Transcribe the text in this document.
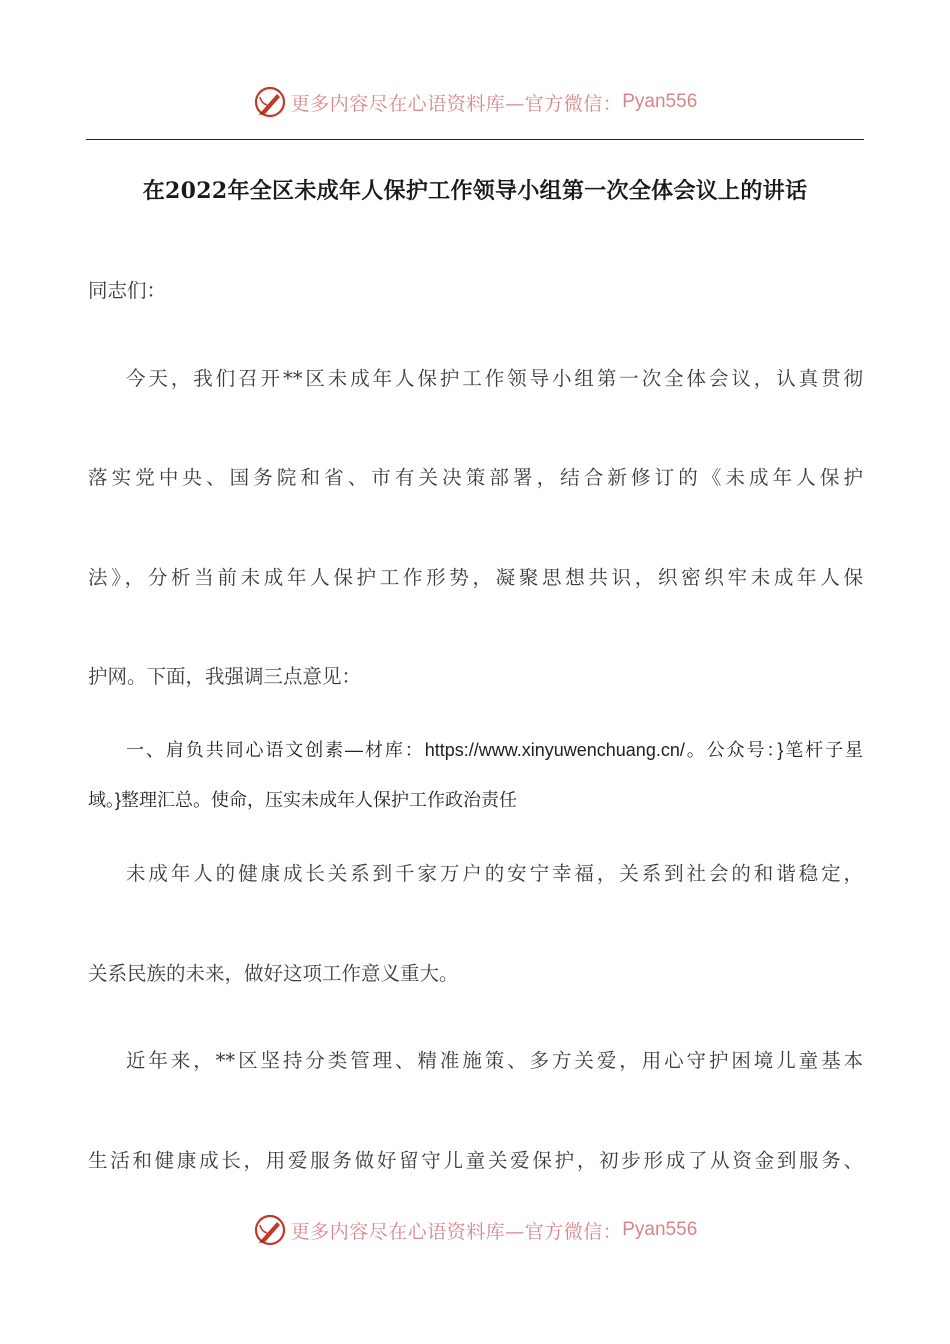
更多内容尽在心语资料库—官方微信： Pyan556
在2022年全区未成年人保护工作领导小组第一次全体会议上的讲话
同志们：
今天，我们召开**区未成年人保护工作领导小组第一次全体会议，认真贯彻
落实党中央、国务院和省、市有关决策部署，结合新修订的《未成年人保护
法》，分析当前未成年人保护工作形势，凝聚思想共识，织密织牢未成年人保
护网。下面，我强调三点意见：
一、肩负共同心语文创素—材库：https://www.xinyuwenchuang.cn/。公众号：}笔杆子星
域。}整理汇总。使命，压实未成年人保护工作政治责任
未成年人的健康成长关系到千家万户的安宁幸福，关系到社会的和谐稳定，
关系民族的未来，做好这项工作意义重大。
近年来，**区坚持分类管理、精准施策、多方关爱，用心守护困境儿童基本
生活和健康成长，用爱服务做好留守儿童关爱保护，初步形成了从资金到服务、
更多内容尽在心语资料库—官方微信： Pyan556
